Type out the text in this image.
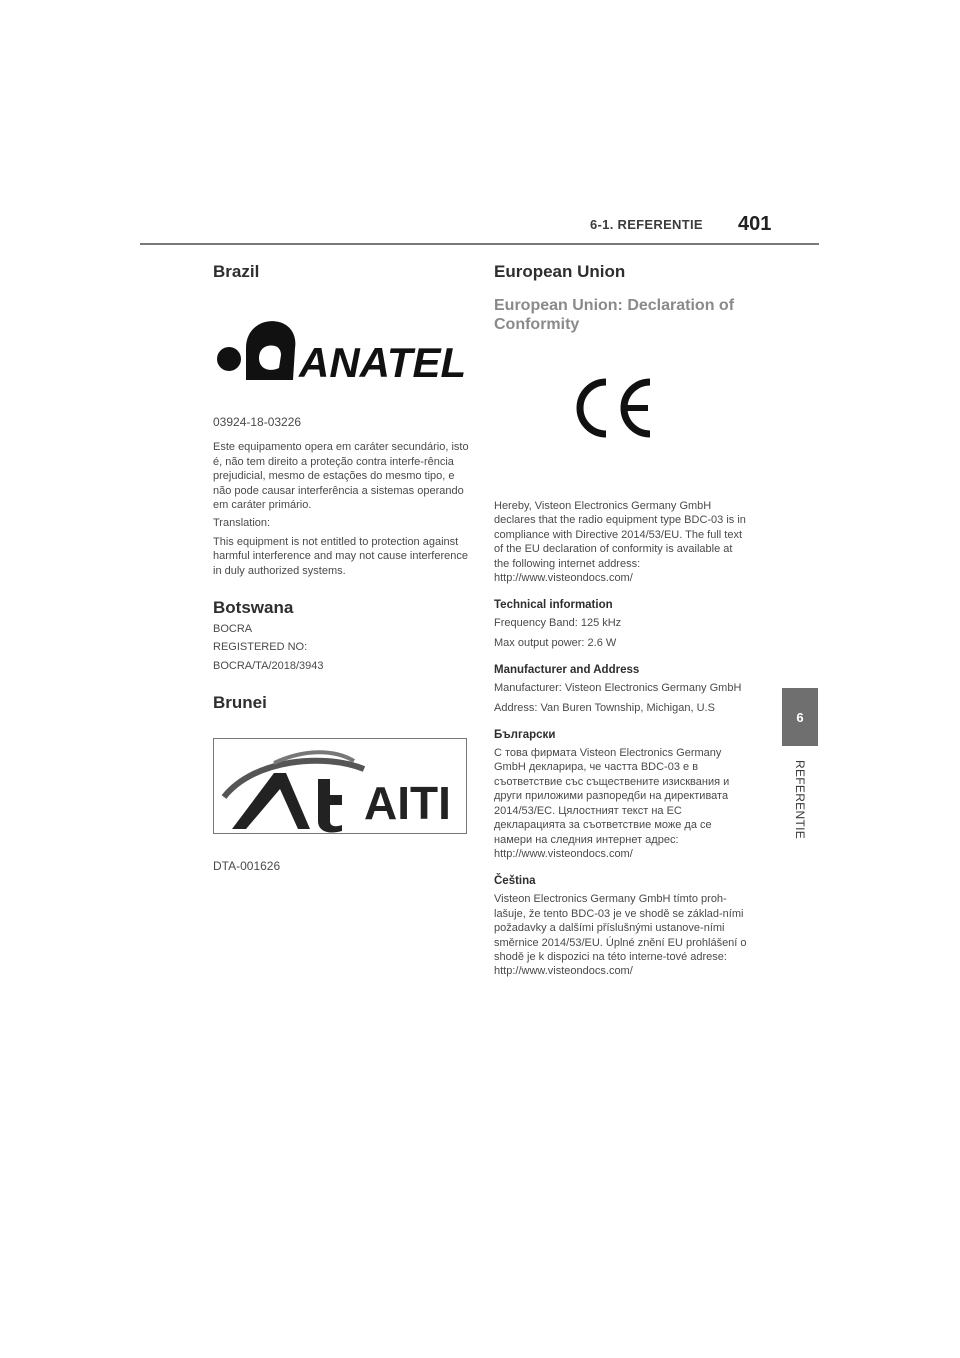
6-1. REFERENTIE 401
6
REFERENTIE
Brazil
ANATEL

03924-18-03226

Este equipamento opera em caráter secundário, isto é, não tem direito a proteção contra interfe-rência prejudicial, mesmo de estações do mesmo tipo, e não pode causar interferência a sistemas operando em caráter primário.

Translation:

This equipment is not entitled to protection against harmful interference and may not cause interference in duly authorized systems.

Botswana

BOCRA

REGISTERED NO:

BOCRA/TA/2018/3943

Brunei
AITI

DTA-001626

European Union
European Union: Declaration of Conformity

Hereby, Visteon Electronics Germany GmbH declares that the radio equipment type BDC-03 is in compliance with Directive 2014/53/EU. The full text of the EU declaration of conformity is available at the following internet address: http://www.visteondocs.com/

Technical information

Frequency Band: 125 kHz

Max output power: 2.6 W

Manufacturer and Address

Manufacturer: Visteon Electronics Germany GmbH

Address: Van Buren Township, Michigan, U.S

Български

С това фирмата Visteon Electronics Germany GmbH декларира, че частта BDC-03 е в съответствие със съществените изисквания и други приложими разпоредби на директивата 2014/53/EC. Цялостният текст на ЕС декларацията за съответствие може да се намери на следния интернет адрес: http://www.visteondocs.com/

Čeština

Visteon Electronics Germany GmbH tímto proh-lašuje, že tento BDC-03 je ve shodě se základ-ními požadavky a dalšími příslušnými ustanove-ními směrnice 2014/53/EU. Úplné znění EU prohlášení o shodě je k dispozici na této interne-tové adrese: http://www.visteondocs.com/
